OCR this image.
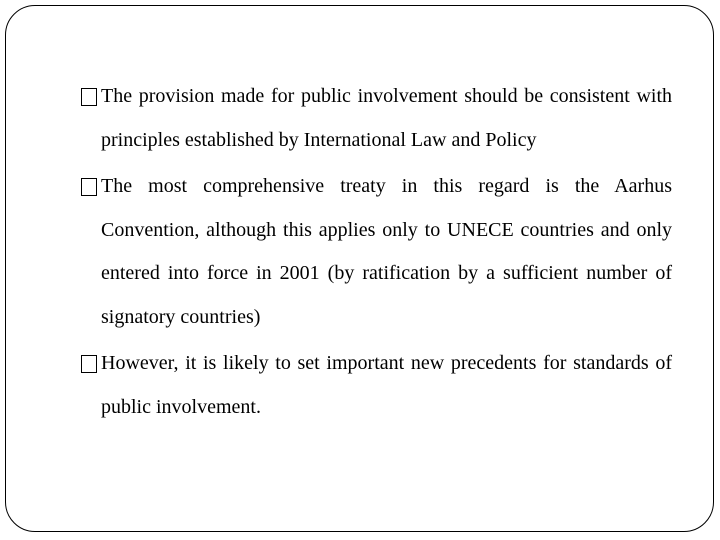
The provision made for public involvement should be consistent with principles established by International Law and Policy
The most comprehensive treaty in this regard is the Aarhus Convention, although this applies only to UNECE countries and only entered into force in 2001 (by ratification by a sufficient number of signatory countries)
However, it is likely to set important new precedents for standards of public involvement.
